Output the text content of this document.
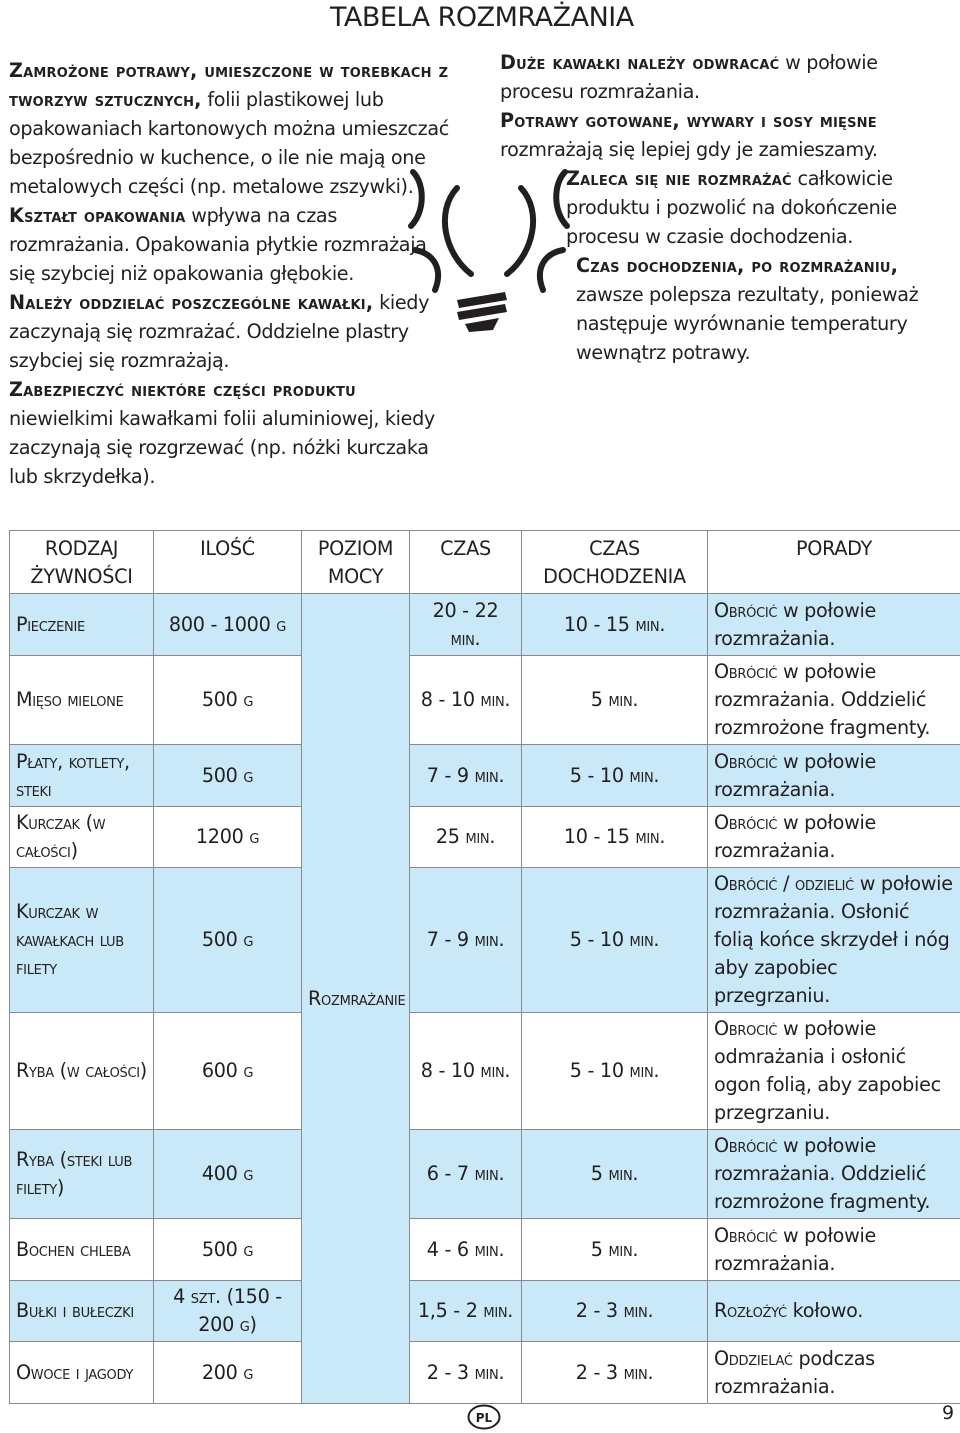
TABELA ROZMRAŻANIA

Zamrożone potrawy, umieszczone w torebkach z tworzyw sztucznych, folii plastikowej lub opakowaniach kartonowych można umieszczać bezpośrednio w kuchence, o ile nie mają one metalowych części (np. metalowe zszywki).

Kształt opakowania wpływa na czas rozmrażania. Opakowania płytkie rozmrażają się szybciej niż opakowania głębokie.

Należy oddzielać poszczególne kawałki, kiedy zaczynają się rozmrażać. Oddzielne plastry szybciej się rozmrażają.

Zabezpieczyć niektóre części produktu niewielkimi kawałkami folii aluminiowej, kiedy zaczynają się rozgrzewać (np. nóżki kurczaka lub skrzydełka).

Duże kawałki należy odwracać w połowie procesu rozmrażania.

Potrawy gotowane, wywary i sosy mięsne rozmrażają się lepiej gdy je zamieszamy.

Zaleca się nie rozmrażać całkowicie produktu i pozwolić na dokończenie procesu w czasie dochodzenia.

Czas dochodzenia, po rozmrażaniu, zawsze polepsza rezultaty, ponieważ następuje wyrównanie temperatury wewnątrz potrawy.

RODZAJ ŻYWNOŚCI	ILOŚĆ	POZIOM MOCY	CZAS	CZAS DOCHODZENIA	PORADY
Pieczenie	800 - 1000 g	Rozmrażanie	20 - 22 min.	10 - 15 min.	Obrócić w połowie rozmrażania.
Mięso mielone	500 g		8 - 10 min.	5 min.	Obrócić w połowie rozmrażania. Oddzielić rozmrożone fragmenty.
Płaty, kotlety, steki	500 g		7 - 9 min.	5 - 10 min.	Obrócić w połowie rozmrażania.
Kurczak (w całości)	1200 g		25 min.	10 - 15 min.	Obrócić w połowie rozmrażania.
Kurczak w kawałkach lub filety	500 g		7 - 9 min.	5 - 10 min.	Obrócić / odzielić w połowie rozmrażania. Osłonić folią końce skrzydeł i nóg aby zapobiec przegrzaniu.
Ryba (w całości)	600 g		8 - 10 min.	5 - 10 min.	Obrocić w połowie odmrażania i osłonić ogon folią, aby zapobiec przegrzaniu.
Ryba (steki lub filety)	400 g		6 - 7 min.	5 min.	Obrócić w połowie rozmrażania. Oddzielić rozmrożone fragmenty.
Bochen chleba	500 g		4 - 6 min.	5 min.	Obrócić w połowie rozmrażania.
Bułki i bułeczki	4 szt. (150 - 200 g)		1,5 - 2 min.	2 - 3 min.	Rozłożyć kołowo.
Owoce i jagody	200 g		2 - 3 min.	2 - 3 min.	Oddzielać podczas rozmrażania.
PL	9
